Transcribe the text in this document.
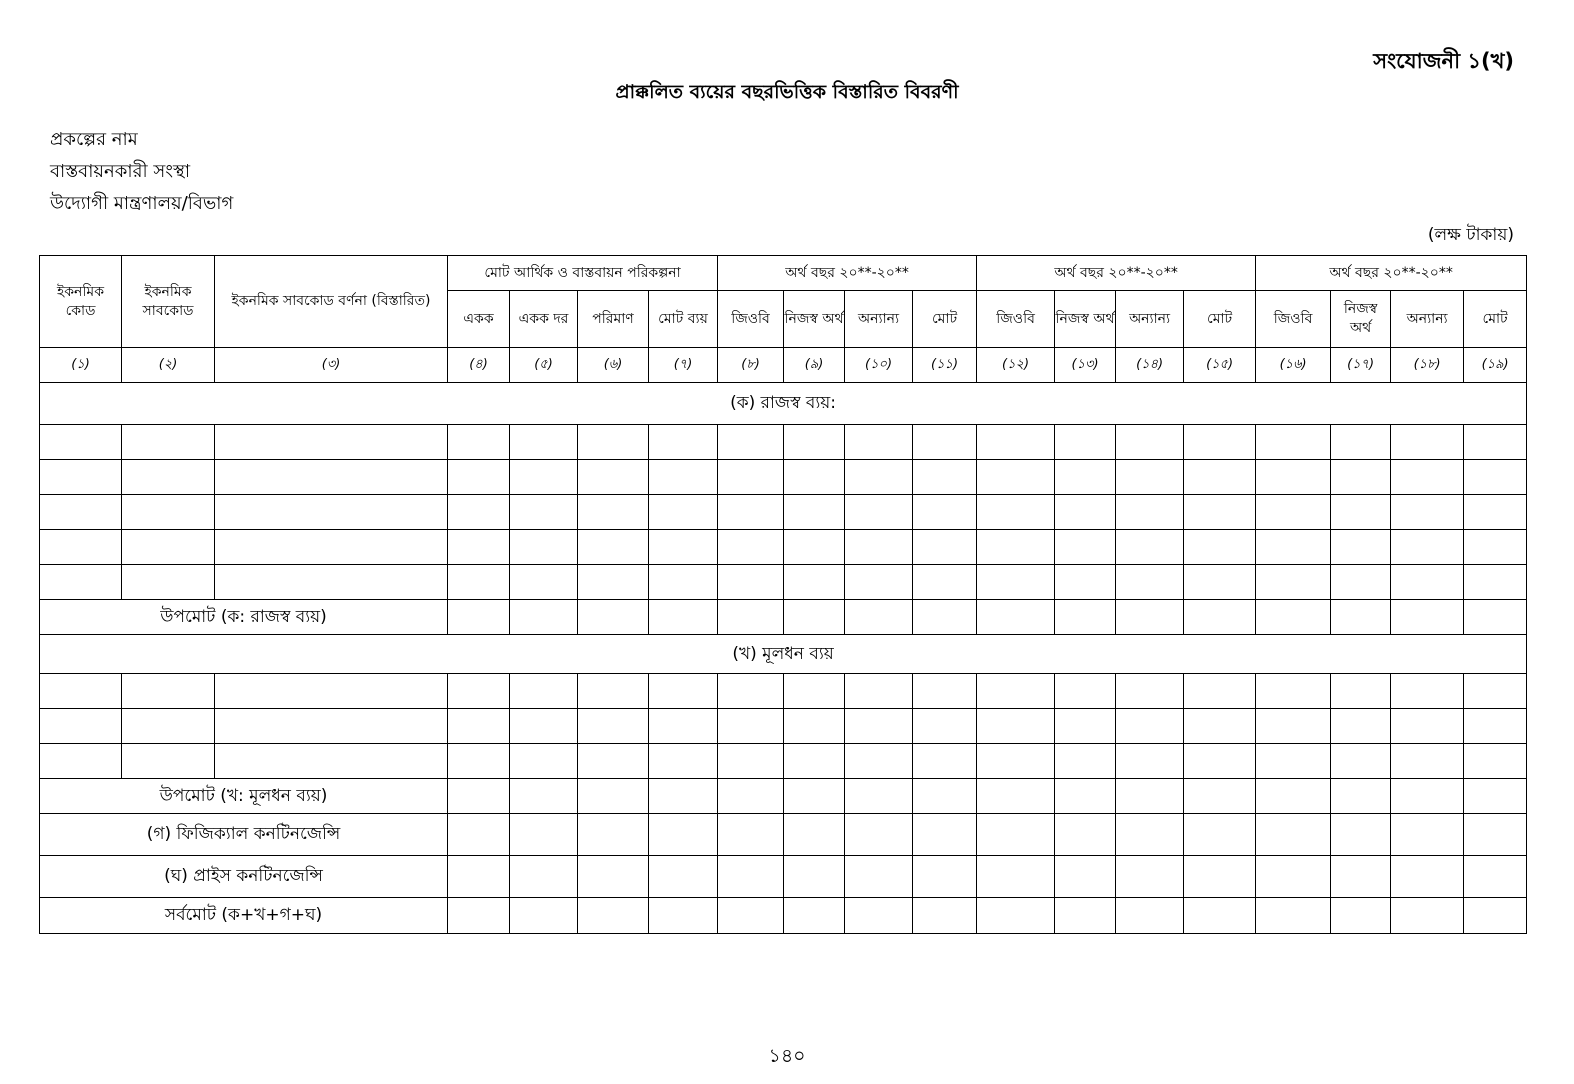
সংযোজনী ১(খ)
প্রাক্কলিত ব্যয়ের বছরভিত্তিক বিস্তারিত বিবরণী
প্রকল্পের নাম
বাস্তবায়নকারী সংস্থা
উদ্যোগী মান্ত্রণালয়/বিভাগ
(লক্ষ টাকায়)
ইকনমিক কোড	ইকনমিক সাবকোড	ইকনমিক সাবকোড বর্ণনা (বিস্তারিত)	মোট আর্থিক ও বাস্তবায়ন পরিকল্পনা				অর্থ বছর ২০**-২০**				অর্থ বছর ২০**-২০**				অর্থ বছর ২০**-২০**			
			একক	একক দর	পরিমাণ	মোট ব্যয়	জিওবি	নিজস্ব অর্থ	অন্যান্য	মোট	জিওবি	নিজস্ব অর্থ	অন্যান্য	মোট	জিওবি	নিজস্ব অর্থ	অন্যান্য	মোট
(১)	(২)	(৩)	(৪)	(৫)	(৬)	(৭)	(৮)	(৯)	(১০)	(১১)	(১২)	(১৩)	(১৪)	(১৫)	(১৬)	(১৭)	(১৮)	(১৯)
(ক) রাজস্ব ব্যয়:																		

উপমোট (ক: রাজস্ব ব্যয়)																		
(খ) মূলধন ব্যয়																		

উপমোট (খ: মূলধন ব্যয়)																		
(গ) ফিজিক্যাল কনটিনজেন্সি																		
(ঘ) প্রাইস কনটিনজেন্সি																		
সর্বমোট (ক+খ+গ+ঘ)																		
১৪০
